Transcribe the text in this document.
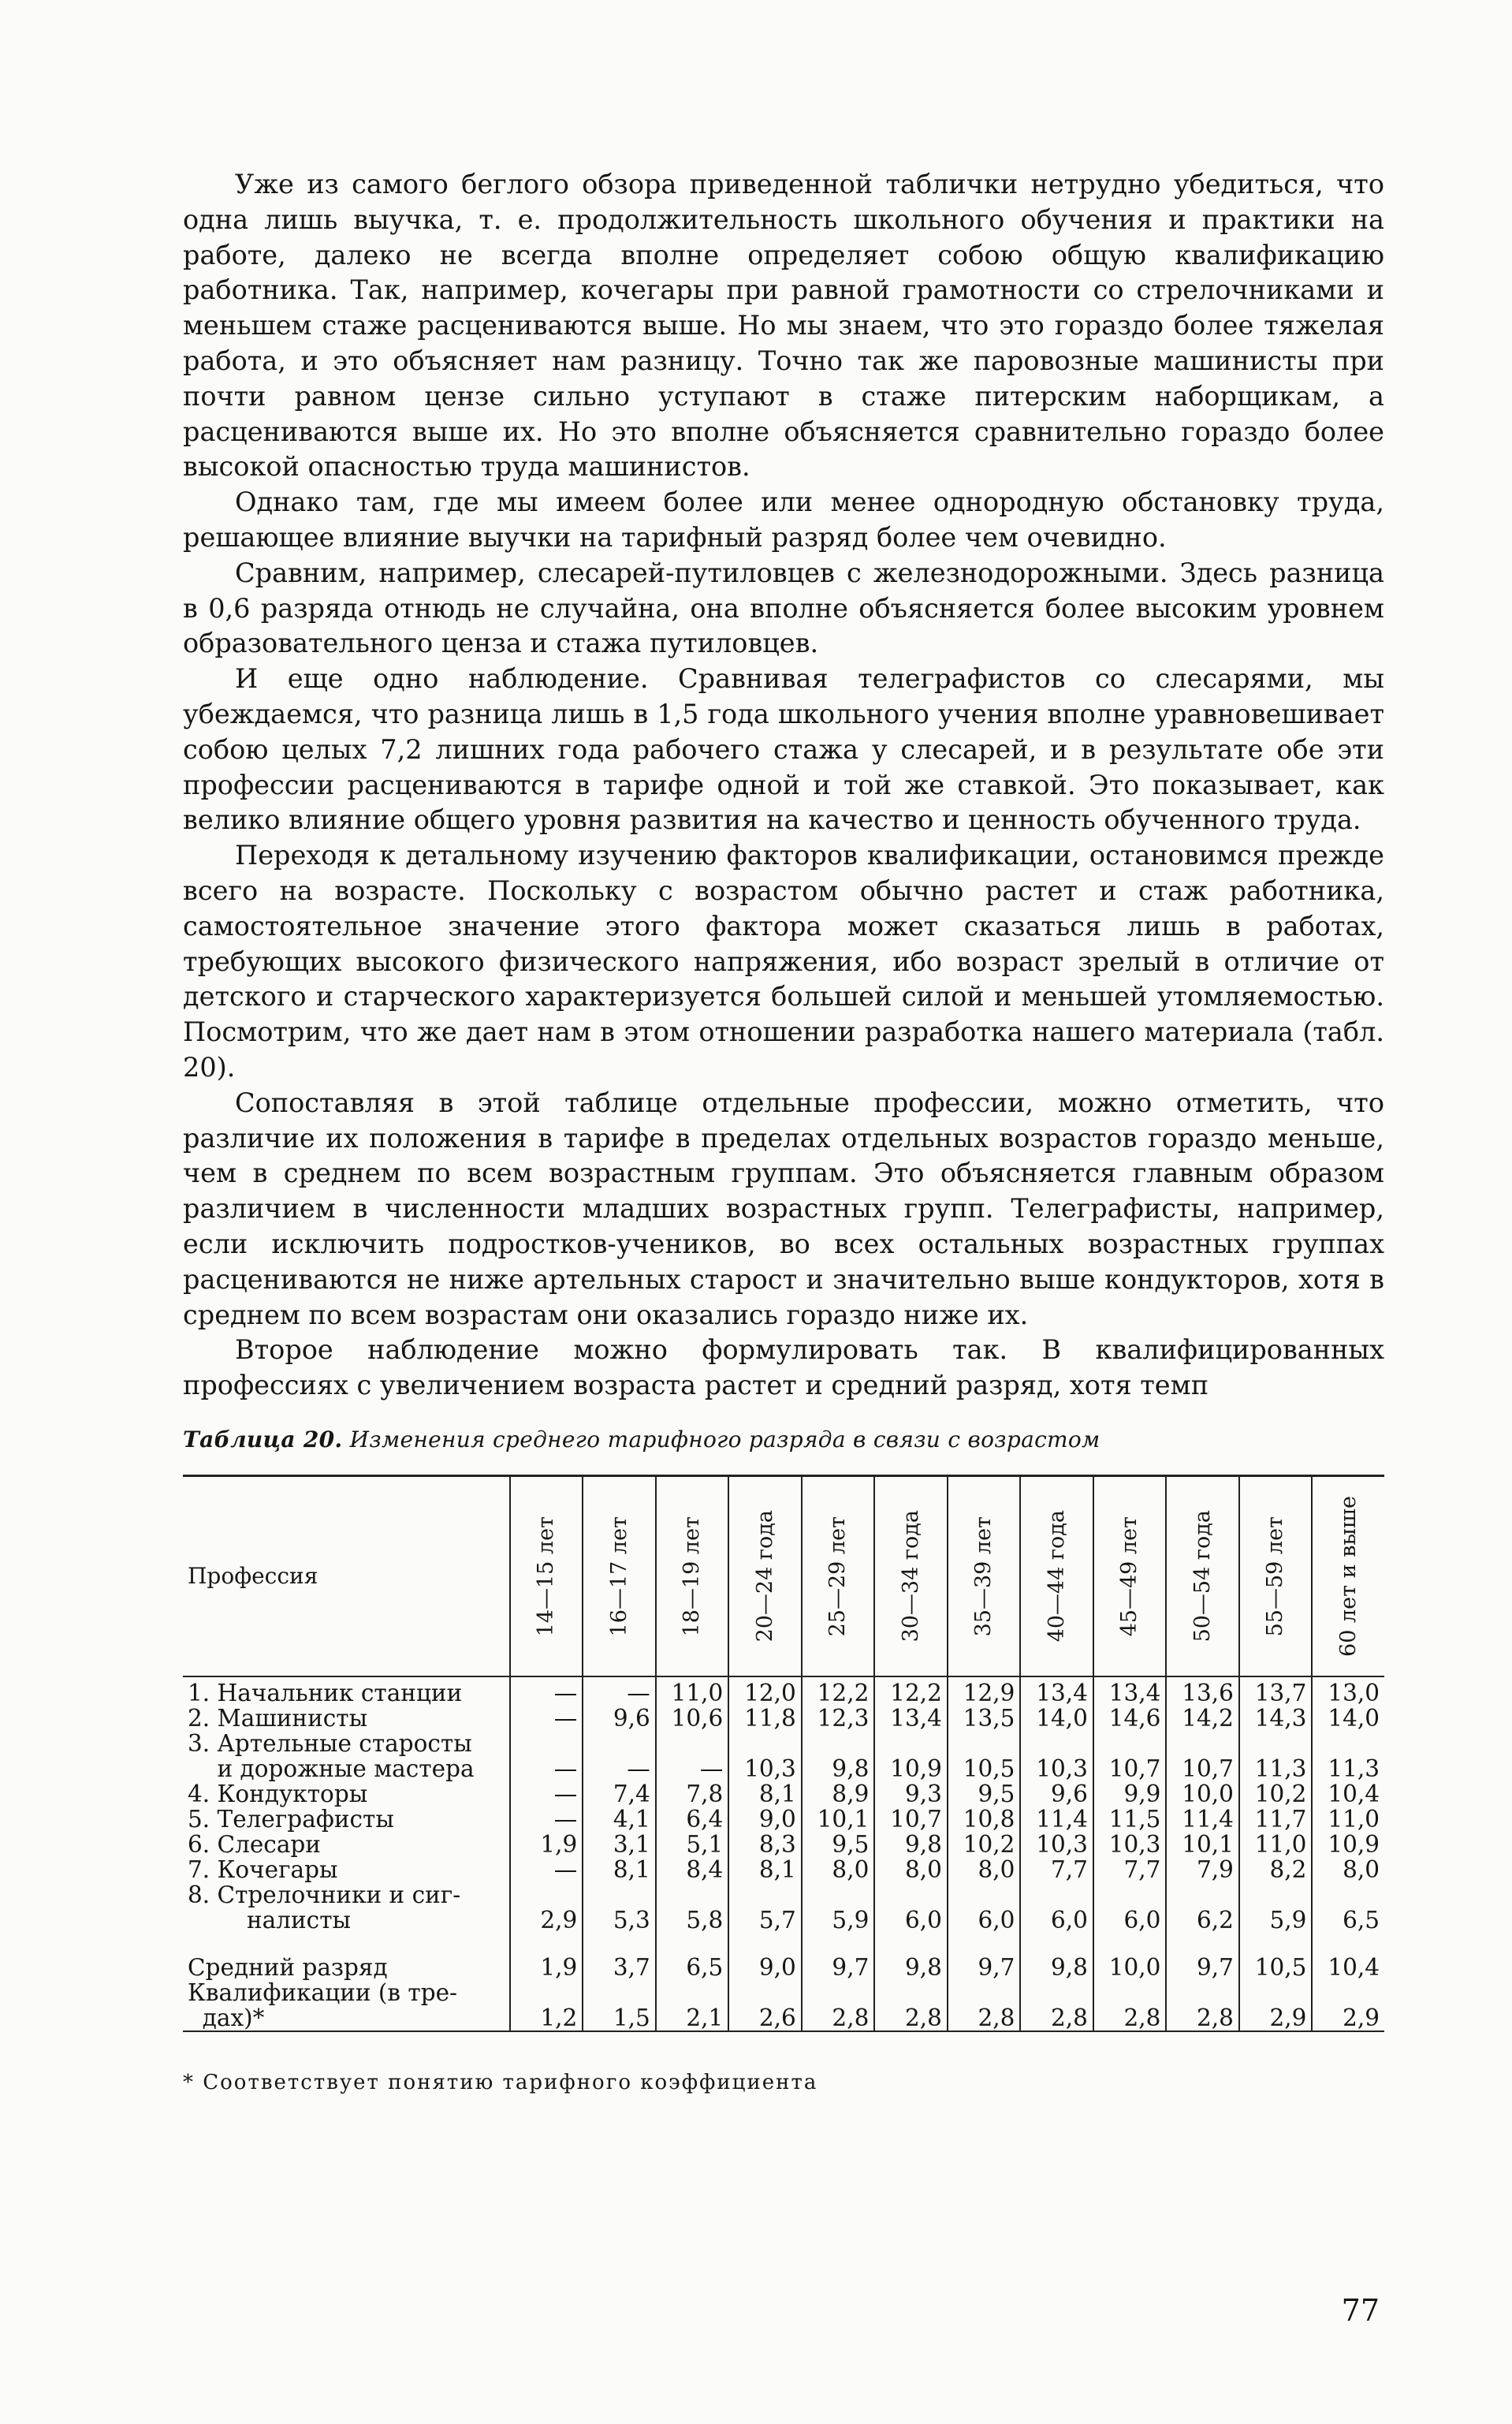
Уже из самого беглого обзора приведенной таблички нетрудно убедиться, что одна лишь выучка, т. е. продолжительность школьного обучения и практики на работе, далеко не всегда вполне определяет собою общую квалификацию работника. Так, например, кочегары при равной грамотности со стрелочниками и меньшем стаже расцениваются выше. Но мы знаем, что это гораздо более тяжелая работа, и это объясняет нам разницу. Точно так же паровозные машинисты при почти равном цензе сильно уступают в стаже питерским наборщикам, а расцениваются выше их. Но это вполне объясняется сравнительно гораздо более высокой опасностью труда машинистов.

Однако там, где мы имеем более или менее однородную обстановку труда, решающее влияние выучки на тарифный разряд более чем очевидно.

Сравним, например, слесарей-путиловцев с железнодорожными. Здесь разница в 0,6 разряда отнюдь не случайна, она вполне объясняется более высоким уровнем образовательного ценза и стажа путиловцев.

И еще одно наблюдение. Сравнивая телеграфистов со слесарями, мы убеждаемся, что разница лишь в 1,5 года школьного учения вполне уравновешивает собою целых 7,2 лишних года рабочего стажа у слесарей, и в результате обе эти профессии расцениваются в тарифе одной и той же ставкой. Это показывает, как велико влияние общего уровня развития на качество и ценность обученного труда.

Переходя к детальному изучению факторов квалификации, остановимся прежде всего на возрасте. Поскольку с возрастом обычно растет и стаж работника, самостоятельное значение этого фактора может сказаться лишь в работах, требующих высокого физического напряжения, ибо возраст зрелый в отличие от детского и старческого характеризуется большей силой и меньшей утомляемостью. Посмотрим, что же дает нам в этом отношении разработка нашего материала (табл. 20).

Сопоставляя в этой таблице отдельные профессии, можно отметить, что различие их положения в тарифе в пределах отдельных возрастов гораздо меньше, чем в среднем по всем возрастным группам. Это объясняется главным образом различием в численности младших возрастных групп. Телеграфисты, например, если исключить подростков-учеников, во всех остальных возрастных группах расцениваются не ниже артельных старост и значительно выше кондукторов, хотя в среднем по всем возрастам они оказались гораздо ниже их.

Второе наблюдение можно формулировать так. В квалифицированных профессиях с увеличением возраста растет и средний разряд, хотя темп

Таблица 20. Изменения среднего тарифного разряда в связи с возрастом
Профессия	14—15 лет	16—17 лет	18—19 лет	20—24 года	25—29 лет	30—34 года	35—39 лет	40—44 года	45—49 лет	50—54 года	55—59 лет	60 лет и выше

1. Начальник станции	—	—	11,0	12,0	12,2	12,2	12,9	13,4	13,4	13,6	13,7	13,0
2. Машинисты	—	9,6	10,6	11,8	12,3	13,4	13,5	14,0	14,6	14,2	14,3	14,0
3. Артельные старосты
и дорожные мастера	—	—	—	10,3	9,8	10,9	10,5	10,3	10,7	10,7	11,3	11,3
4. Кондукторы	—	7,4	7,8	8,1	8,9	9,3	9,5	9,6	9,9	10,0	10,2	10,4
5. Телеграфисты	—	4,1	6,4	9,0	10,1	10,7	10,8	11,4	11,5	11,4	11,7	11,0
6. Слесари	1,9	3,1	5,1	8,3	9,5	9,8	10,2	10,3	10,3	10,1	11,0	10,9
7. Кочегары	—	8,1	8,4	8,1	8,0	8,0	8,0	7,7	7,7	7,9	8,2	8,0
8. Стрелочники и сиг-
налисты	2,9	5,3	5,8	5,7	5,9	6,0	6,0	6,0	6,0	6,2	5,9	6,5
Средний разряд	1,9	3,7	6,5	9,0	9,7	9,8	9,7	9,8	10,0	9,7	10,5	10,4
Квалификации (в тре-
дах)*	1,2	1,5	2,1	2,6	2,8	2,8	2,8	2,8	2,8	2,8	2,9	2,9
* Соответствует понятию тарифного коэффициента
77
